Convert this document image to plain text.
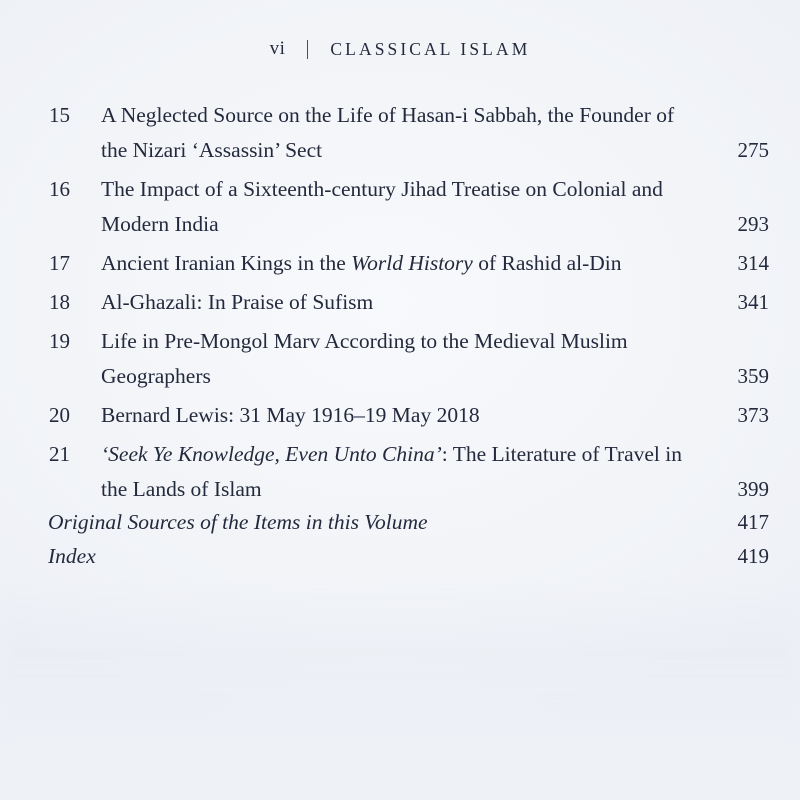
vi	CLASSICAL ISLAM
15	A Neglected Source on the Life of Hasan-i Sabbah, the Founder of the Nizari ‘Assassin’ Sect	275
16	The Impact of a Sixteenth-century Jihad Treatise on Colonial and Modern India	293
17	Ancient Iranian Kings in the World History of Rashid al-Din	314
18	Al-Ghazali: In Praise of Sufism	341
19	Life in Pre-Mongol Marv According to the Medieval Muslim Geographers	359
20	Bernard Lewis: 31 May 1916–19 May 2018	373
21	‘Seek Ye Knowledge, Even Unto China’: The Literature of Travel in the Lands of Islam	399
Original Sources of the Items in this Volume	417
Index	419
